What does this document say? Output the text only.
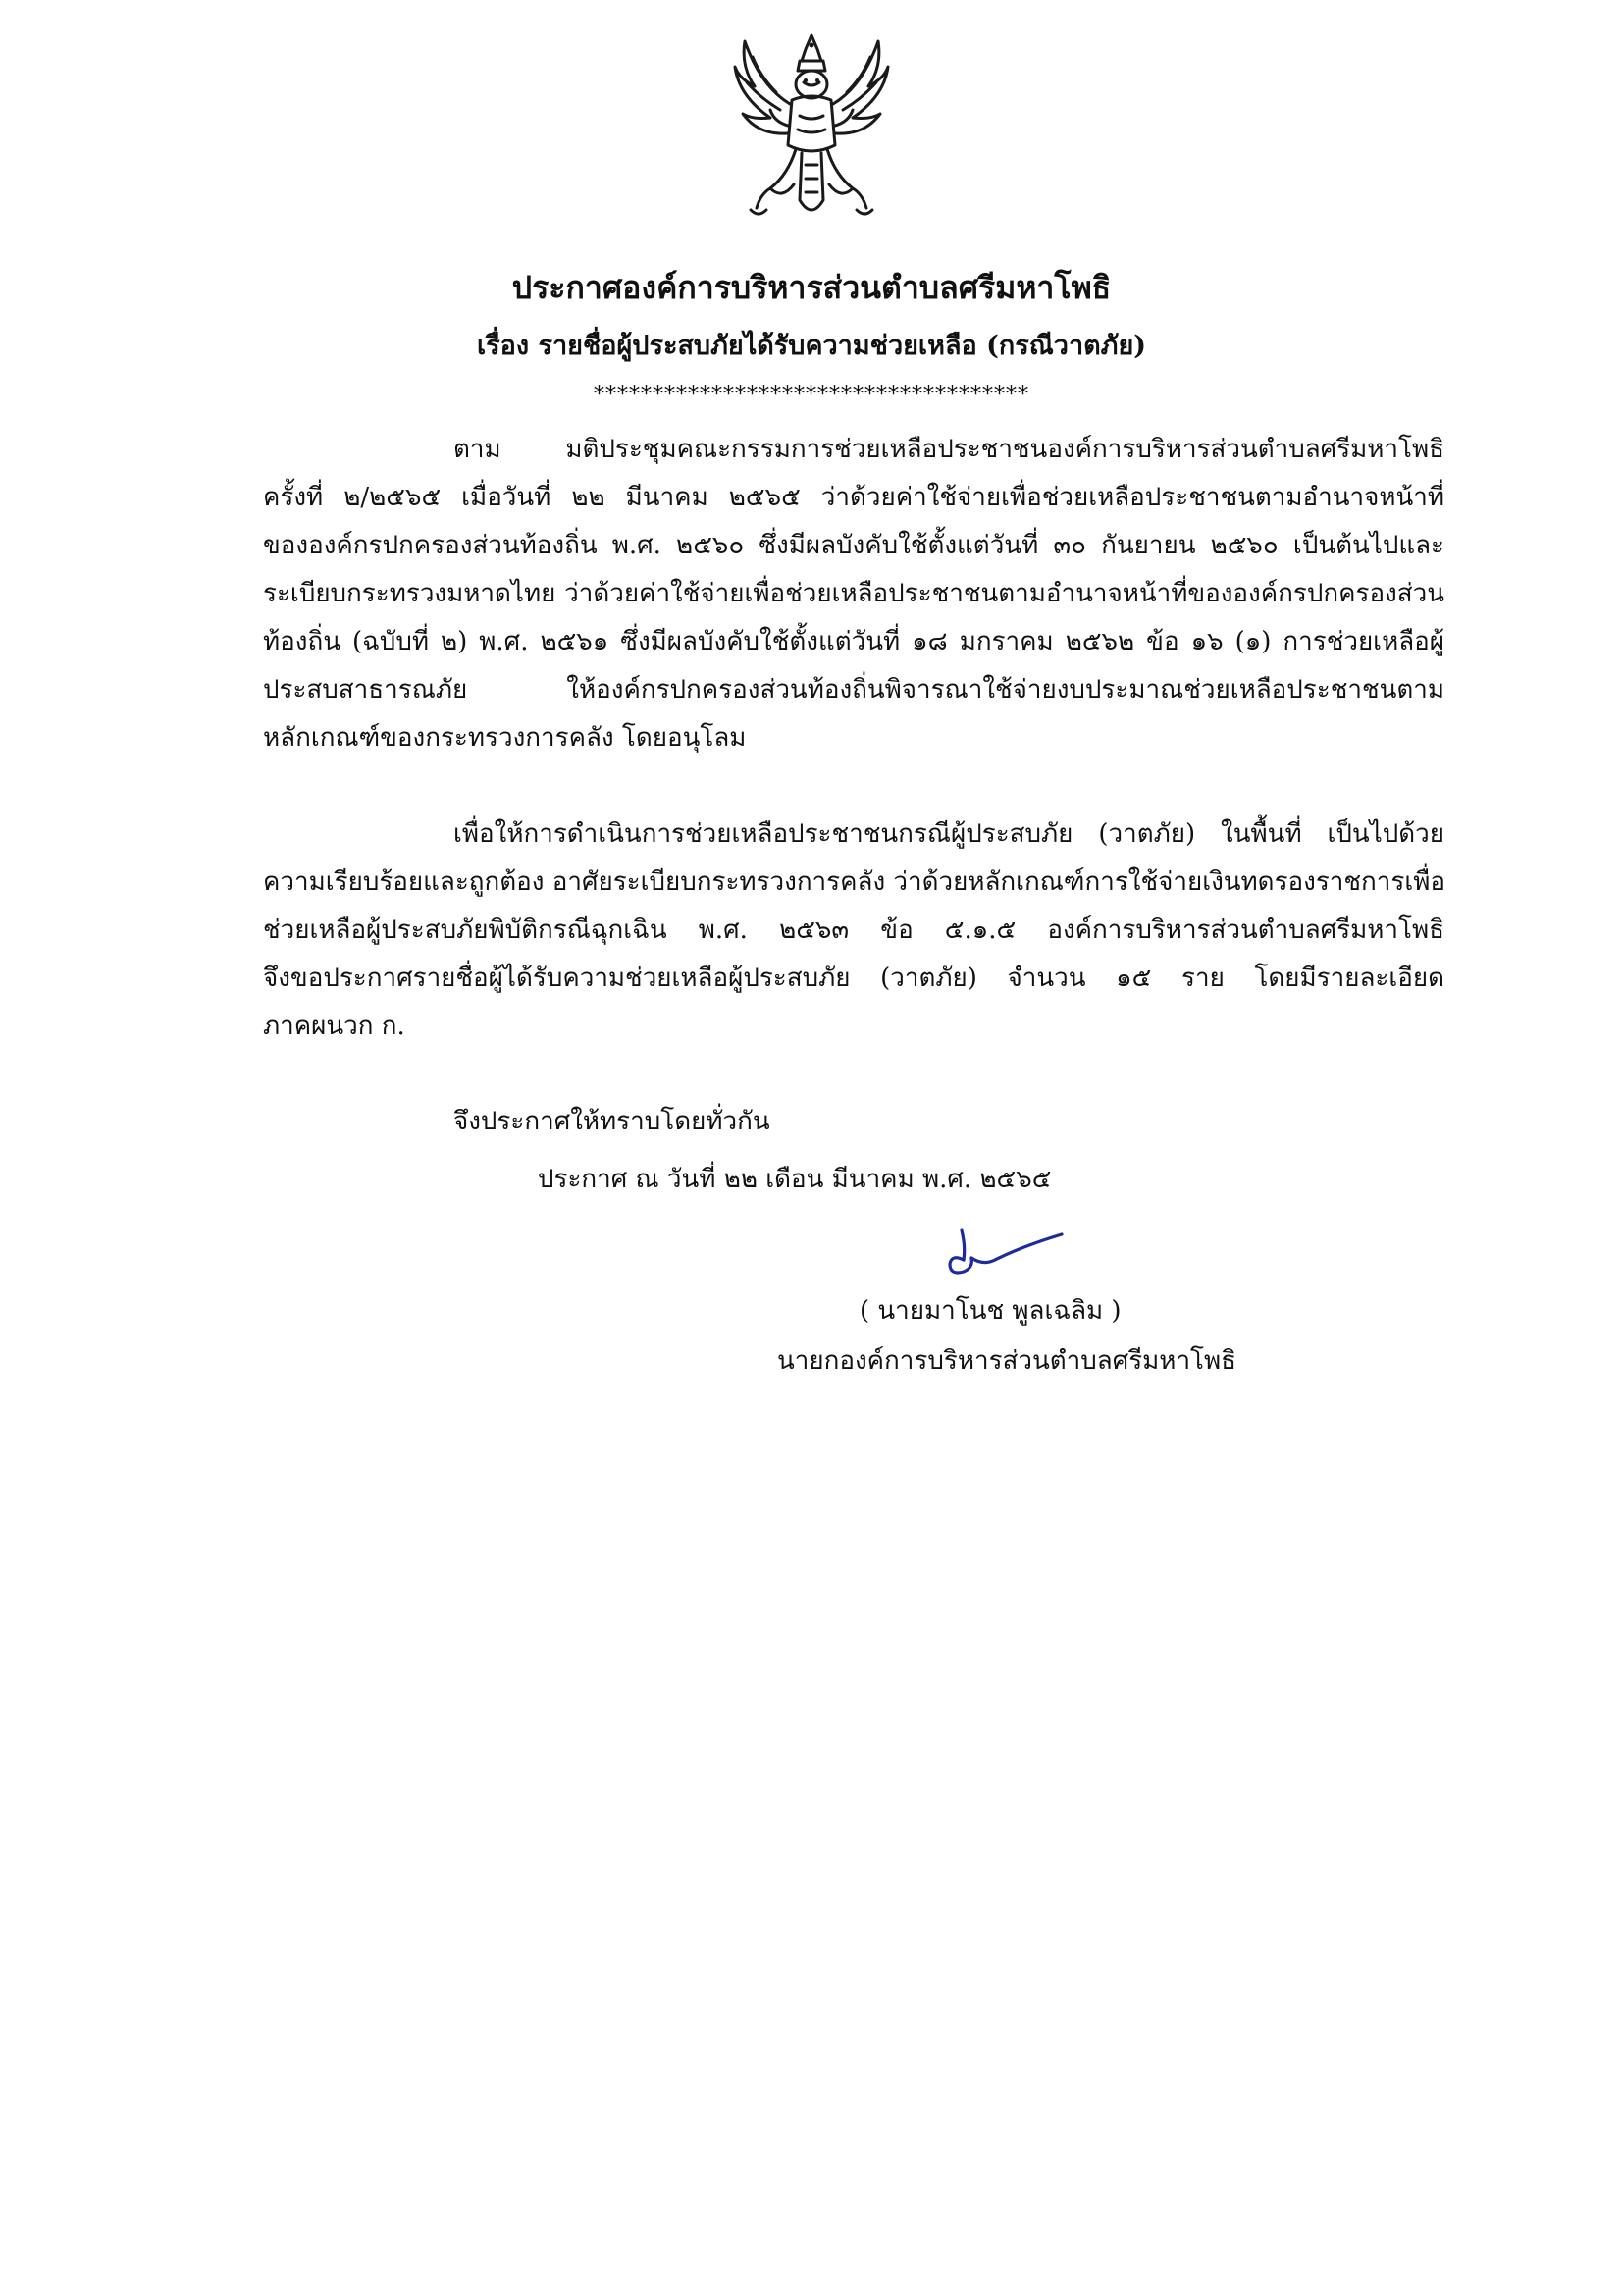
ประกาศองค์การบริหารส่วนตำบลศรีมหาโพธิ
เรื่อง รายชื่อผู้ประสบภัยได้รับความช่วยเหลือ (กรณีวาตภัย)
*************************************
ตาม มติประชุมคณะกรรมการช่วยเหลือประชาชนองค์การบริหารส่วนตำบลศรีมหาโพธิ
ครั้งที่ ๒/๒๕๖๕ เมื่อวันที่ ๒๒ มีนาคม ๒๕๖๕ ว่าด้วยค่าใช้จ่ายเพื่อช่วยเหลือประชาชนตามอำนาจหน้าที่
ขององค์กรปกครองส่วนท้องถิ่น พ.ศ. ๒๕๖๐ ซึ่งมีผลบังคับใช้ตั้งแต่วันที่ ๓๐ กันยายน ๒๕๖๐ เป็นต้นไปและ
ระเบียบกระทรวงมหาดไทย ว่าด้วยค่าใช้จ่ายเพื่อช่วยเหลือประชาชนตามอำนาจหน้าที่ขององค์กรปกครองส่วน
ท้องถิ่น (ฉบับที่ ๒) พ.ศ. ๒๕๖๑ ซึ่งมีผลบังคับใช้ตั้งแต่วันที่ ๑๘ มกราคม ๒๕๖๒ ข้อ ๑๖ (๑) การช่วยเหลือผู้
ประสบสาธารณภัย ให้องค์กรปกครองส่วนท้องถิ่นพิจารณาใช้จ่ายงบประมาณช่วยเหลือประชาชนตาม
หลักเกณฑ์ของกระทรวงการคลัง โดยอนุโลม
เพื่อให้การดำเนินการช่วยเหลือประชาชนกรณีผู้ประสบภัย (วาตภัย) ในพื้นที่ เป็นไปด้วย
ความเรียบร้อยและถูกต้อง อาศัยระเบียบกระทรวงการคลัง ว่าด้วยหลักเกณฑ์การใช้จ่ายเงินทดรองราชการเพื่อ
ช่วยเหลือผู้ประสบภัยพิบัติกรณีฉุกเฉิน พ.ศ. ๒๕๖๓ ข้อ ๕.๑.๕ องค์การบริหารส่วนตำบลศรีมหาโพธิ
จึงขอประกาศรายชื่อผู้ได้รับความช่วยเหลือผู้ประสบภัย (วาตภัย) จำนวน ๑๕ ราย โดยมีรายละเอียด
ภาคผนวก ก.
จึงประกาศให้ทราบโดยทั่วกัน
ประกาศ ณ วันที่ ๒๒ เดือน มีนาคม พ.ศ. ๒๕๖๕
( นายมาโนช พูลเฉลิม )
นายกองค์การบริหารส่วนตำบลศรีมหาโพธิ
